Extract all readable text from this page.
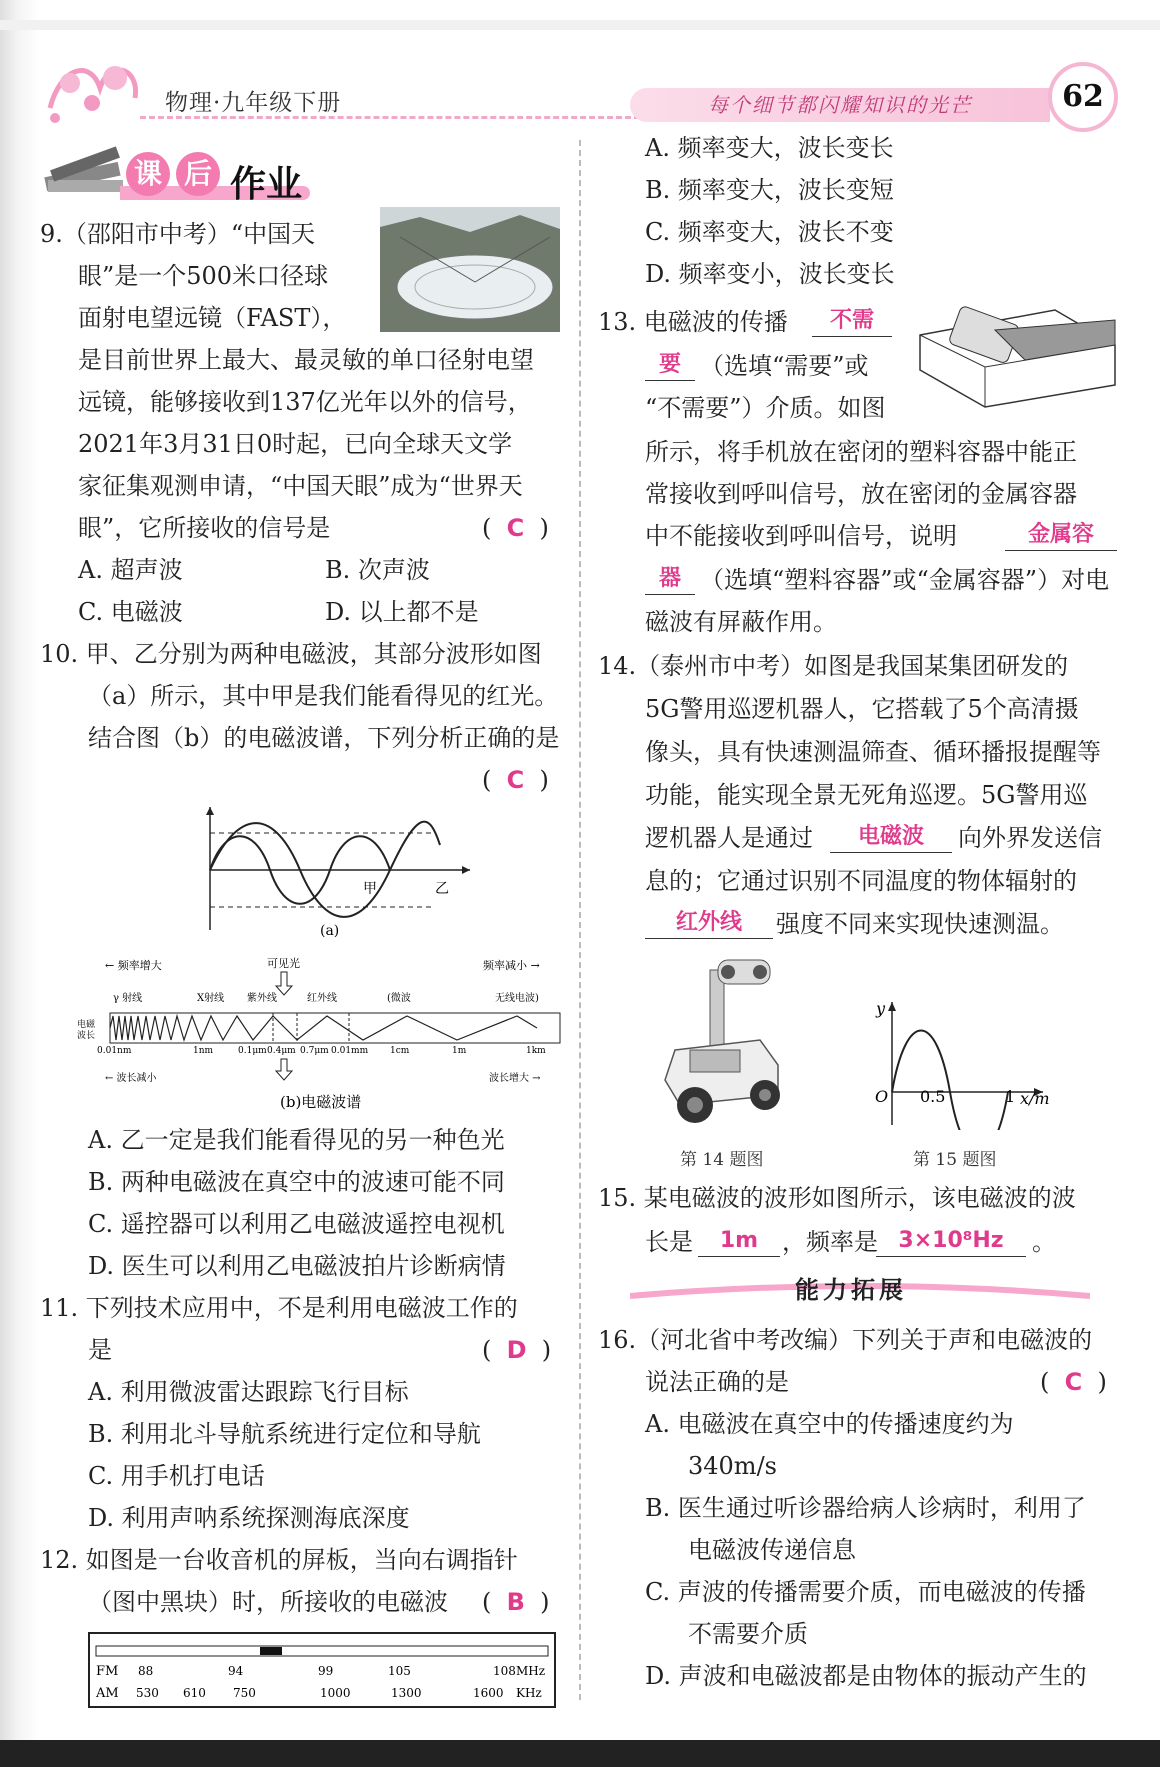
物理·九年级下册	每个细节都闪耀知识的光芒	62
课 后 作业
9.（邵阳市中考）“中国天
眼”是一个500米口径球
面射电望远镜（FAST），
是目前世界上最大、最灵敏的单口径射电望
远镜，能够接收到137亿光年以外的信号，
2021年3月31日0时起，已向全球天文学
家征集观测申请，“中国天眼”成为“世界天
眼”，它所接收的信号是	(  C  )
A. 超声波	B. 次声波
C. 电磁波	D. 以上都不是
10. 甲、乙分别为两种电磁波，其部分波形如图
（a）所示，其中甲是我们能看得见的红光。
结合图（b）的电磁波谱，下列分析正确的是
(  C  )
甲	乙
(a)
← 频率增大	可见光	频率减小 →
γ 射线	X射线 紫外线	红外线	(微波	无线电波)
电磁
波长
0.01nm	1nm	0.1μm 0.4μm 0.7μm 0.01mm 1cm	1m	1km
← 波长减小	波长增大 →
(b)电磁波谱
A. 乙一定是我们能看得见的另一种色光
B. 两种电磁波在真空中的波速可能不同
C. 遥控器可以利用乙电磁波遥控电视机
D. 医生可以利用乙电磁波拍片诊断病情
11. 下列技术应用中，不是利用电磁波工作的
是	(  D  )
A. 利用微波雷达跟踪飞行目标
B. 利用北斗导航系统进行定位和导航
C. 用手机打电话
D. 利用声呐系统探测海底深度
12. 如图是一台收音机的屏板，当向右调指针
（图中黑块）时，所接收的电磁波 (  B  )
FM
AM
88	94	99	105	108 MHz
530 610 750	1000	1300	1600 KHz
A. 频率变大，波长变长
B. 频率变大，波长变短
C. 频率变大，波长不变
D. 频率变小，波长变长
13. 电磁波的传播	不需
要 （选填“需要”或
“不需要”）介质。如图
所示，将手机放在密闭的塑料容器中能正
常接收到呼叫信号，放在密闭的金属容器
中不能接收到呼叫信号，说明	金属容
器 （选填“塑料容器”或“金属容器”）对电
磁波有屏蔽作用。
14.（泰州市中考）如图是我国某集团研发的
5G警用巡逻机器人，它搭载了5个高清摄
像头，具有快速测温筛查、循环播报提醒等
功能，能实现全景无死角巡逻。5G警用巡
逻机器人是通过	电磁波	向外界发送信
息的；它通过识别不同温度的物体辐射的
红外线	强度不同来实现快速测温。
y
O 0.5	1 x/m
第 14 题图	第 15 题图
15. 某电磁波的波形如图所示，该电磁波的波
长是	1m ，频率是 3×10⁸Hz	。
能力拓展
16.（河北省中考改编）下列关于声和电磁波的
说法正确的是	(  C  )
A. 电磁波在真空中的传播速度约为
340m/s
B. 医生通过听诊器给病人诊病时，利用了
电磁波传递信息
C. 声波的传播需要介质，而电磁波的传播
不需要介质
D. 声波和电磁波都是由物体的振动产生的
